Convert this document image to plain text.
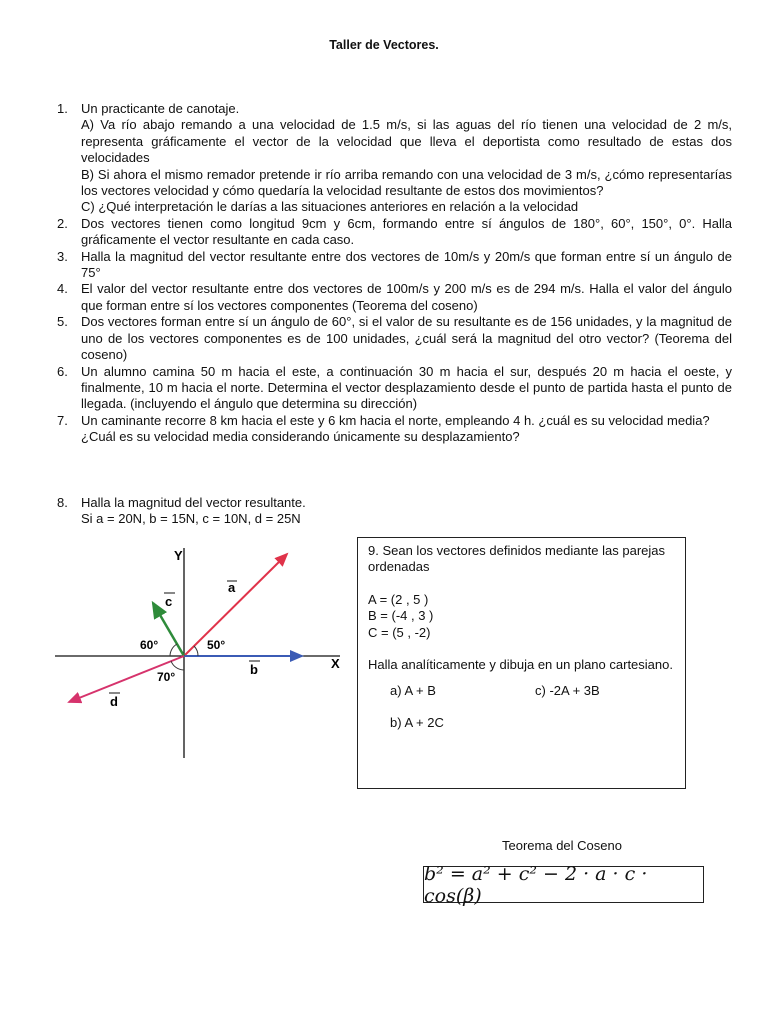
Taller de Vectores.
1.	Un practicante de canotaje.

A) Va río abajo remando a una velocidad de 1.5 m/s, si las aguas del río tienen una velocidad de 2 m/s, representa gráficamente el vector de la velocidad que lleva el deportista como resultado de estas dos velocidades

B) Si ahora el mismo remador pretende ir río arriba remando con una velocidad de 3 m/s, ¿cómo representarías los vectores velocidad y cómo quedaría la velocidad resultante de estos dos movimientos?

C) ¿Qué interpretación le darías a las situaciones anteriores en relación a la velocidad

2.	Dos vectores tienen como longitud 9cm y 6cm, formando entre sí ángulos de 180°, 60°, 150°, 0°. Halla gráficamente el vector resultante en cada caso.

3.	Halla la magnitud del vector resultante entre dos vectores de 10m/s y 20m/s que forman entre sí un ángulo de 75°

4.	El valor del vector resultante entre dos vectores de 100m/s y 200 m/s es de 294 m/s. Halla el valor del ángulo que forman entre sí los vectores componentes (Teorema del coseno)

5.	Dos vectores forman entre sí un ángulo de 60°, si el valor de su resultante es de 156 unidades, y la magnitud de uno de los vectores componentes es de 100 unidades, ¿cuál será la magnitud del otro vector? (Teorema del coseno)

6.	Un alumno camina 50 m hacia el este, a continuación 30 m hacia el sur, después 20 m hacia el oeste, y finalmente, 10 m hacia el norte. Determina el vector desplazamiento desde el punto de partida hasta el punto de llegada. (incluyendo el ángulo que determina su dirección)

7.	Un caminante recorre 8 km hacia el este y 6 km hacia el norte, empleando 4 h. ¿cuál es su velocidad media?

¿Cuál es su velocidad media considerando únicamente su desplazamiento?

8.	Halla la magnitud del vector resultante.

Si a = 20N, b = 15N, c = 10N, d = 25N

Y
X
a
b
c
d
60°	50°
70°

9. Sean los vectores definidos mediante las parejas ordenadas

A = (2 , 5 )

B = (-4 , 3 )

C = (5 , -2)

Halla analíticamente y dibuja en un plano cartesiano.

a) A + B	c) -2A + 3B
b) A + 2C
Teorema del Coseno
b² = a² + c² − 2 · a · c · cos(β)
